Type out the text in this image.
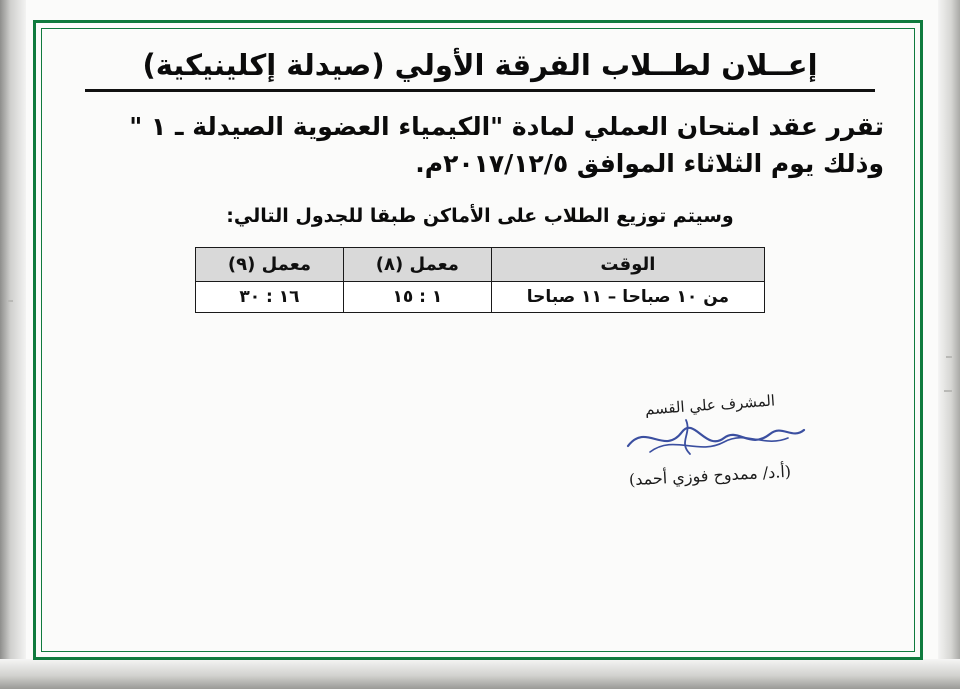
إعــلان لطــلاب الفرقة الأولي (صيدلة إكلينيكية)
تقرر عقد امتحان العملي لمادة "الكيمياء العضوية الصيدلة ـ ١ " وذلك يوم الثلاثاء الموافق ٢٠١٧/١٢/٥م.
وسيتم توزيع الطلاب على الأماكن طبقا للجدول التالي:
الوقت	معمل (٨)	معمل (٩)
من ١٠ صباحا – ١١ صباحا	١ : ١٥	١٦ : ٣٠
المشرف علي القسم
(أ.د/ ممدوح فوزي أحمد)
